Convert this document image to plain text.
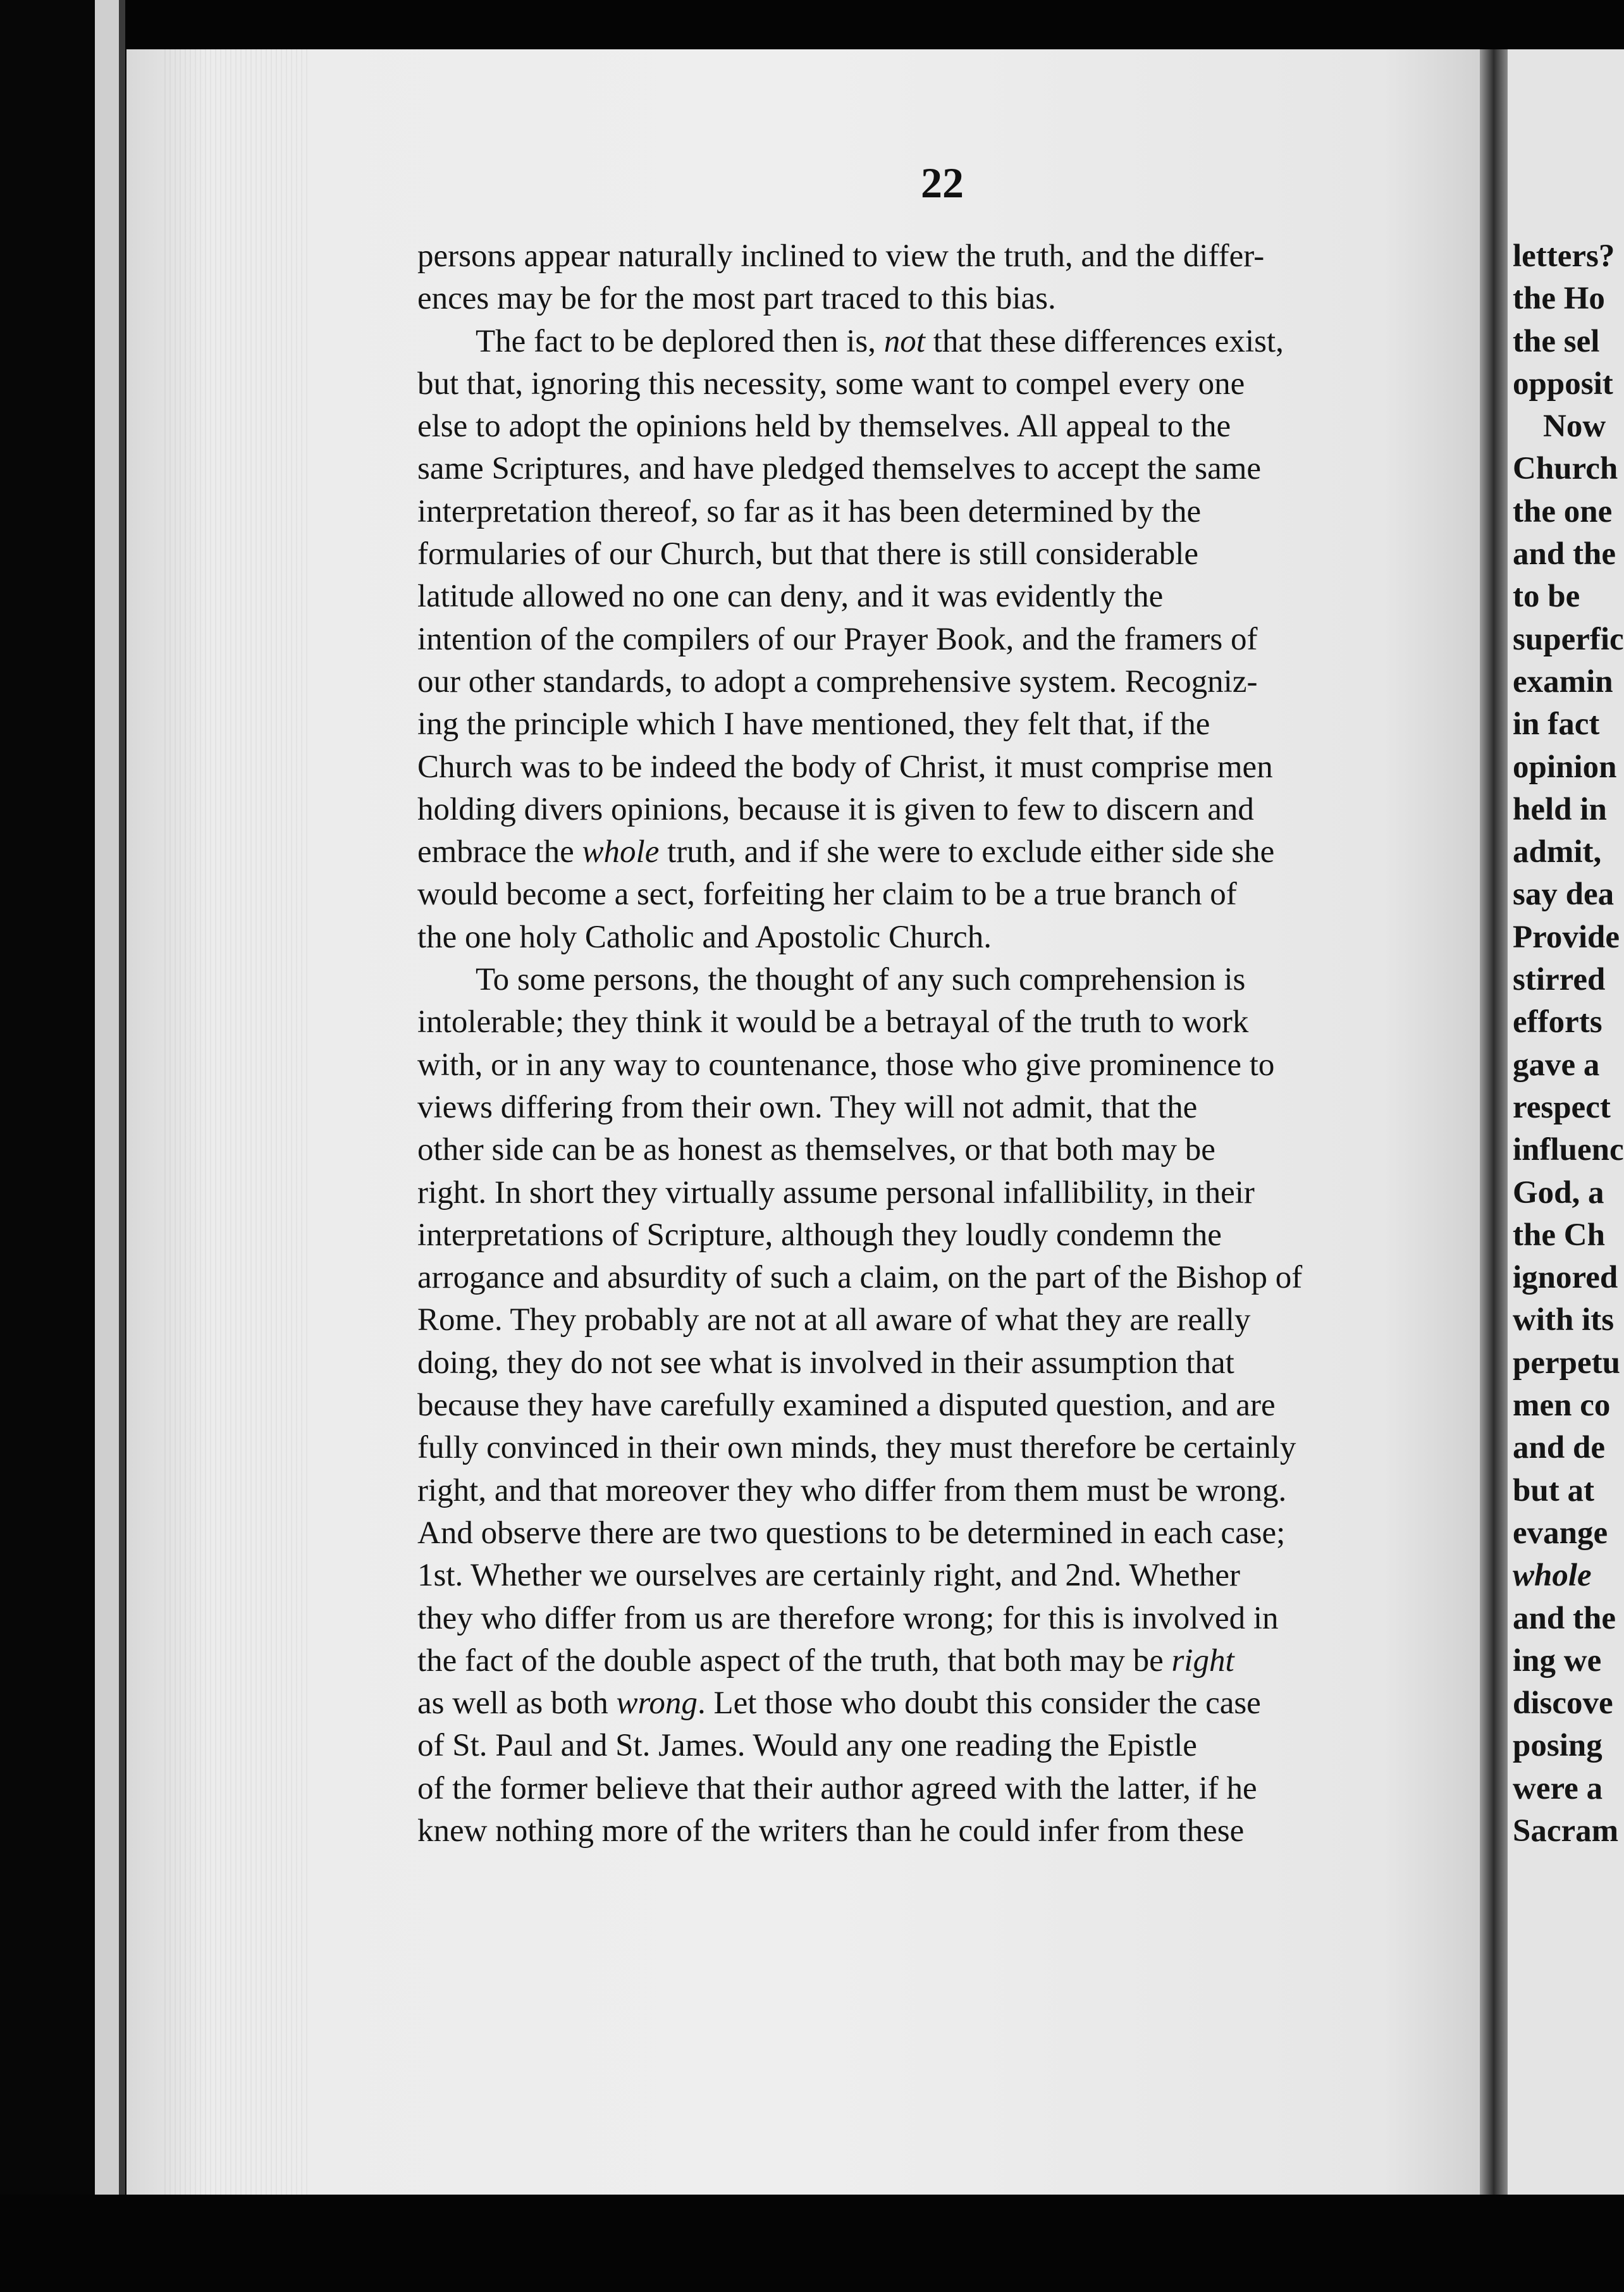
22
persons appear naturally inclined to view the truth, and the differ-
ences may be for the most part traced to this bias.
The fact to be deplored then is, not that these differences exist,
but that, ignoring this necessity, some want to compel every one
else to adopt the opinions held by themselves. All appeal to the
same Scriptures, and have pledged themselves to accept the same
interpretation thereof, so far as it has been determined by the
formularies of our Church, but that there is still considerable
latitude allowed no one can deny, and it was evidently the
intention of the compilers of our Prayer Book, and the framers of
our other standards, to adopt a comprehensive system. Recogniz-
ing the principle which I have mentioned, they felt that, if the
Church was to be indeed the body of Christ, it must comprise men
holding divers opinions, because it is given to few to discern and
embrace the whole truth, and if she were to exclude either side she
would become a sect, forfeiting her claim to be a true branch of
the one holy Catholic and Apostolic Church.
To some persons, the thought of any such comprehension is
intolerable; they think it would be a betrayal of the truth to work
with, or in any way to countenance, those who give prominence to
views differing from their own. They will not admit, that the
other side can be as honest as themselves, or that both may be
right. In short they virtually assume personal infallibility, in their
interpretations of Scripture, although they loudly condemn the
arrogance and absurdity of such a claim, on the part of the Bishop of
Rome. They probably are not at all aware of what they are really
doing, they do not see what is involved in their assumption that
because they have carefully examined a disputed question, and are
fully convinced in their own minds, they must therefore be certainly
right, and that moreover they who differ from them must be wrong.
And observe there are two questions to be determined in each case;
1st. Whether we ourselves are certainly right, and 2nd. Whether
they who differ from us are therefore wrong; for this is involved in
the fact of the double aspect of the truth, that both may be right
as well as both wrong. Let those who doubt this consider the case
of St. Paul and St. James. Would any one reading the Epistle
of the former believe that their author agreed with the latter, if he
knew nothing more of the writers than he could infer from these
letters?
the Ho
the sel
opposit
Now
Church
the one
and the
to be
superfic
examin
in fact
opinion
held in
admit,
say dea
Provide
stirred
efforts
gave a
respect
influenc
God, a
the Ch
ignored
with its
perpetu
men co
and de
but at
evange
whole
and the
ing we
discove
posing
were a
Sacram
